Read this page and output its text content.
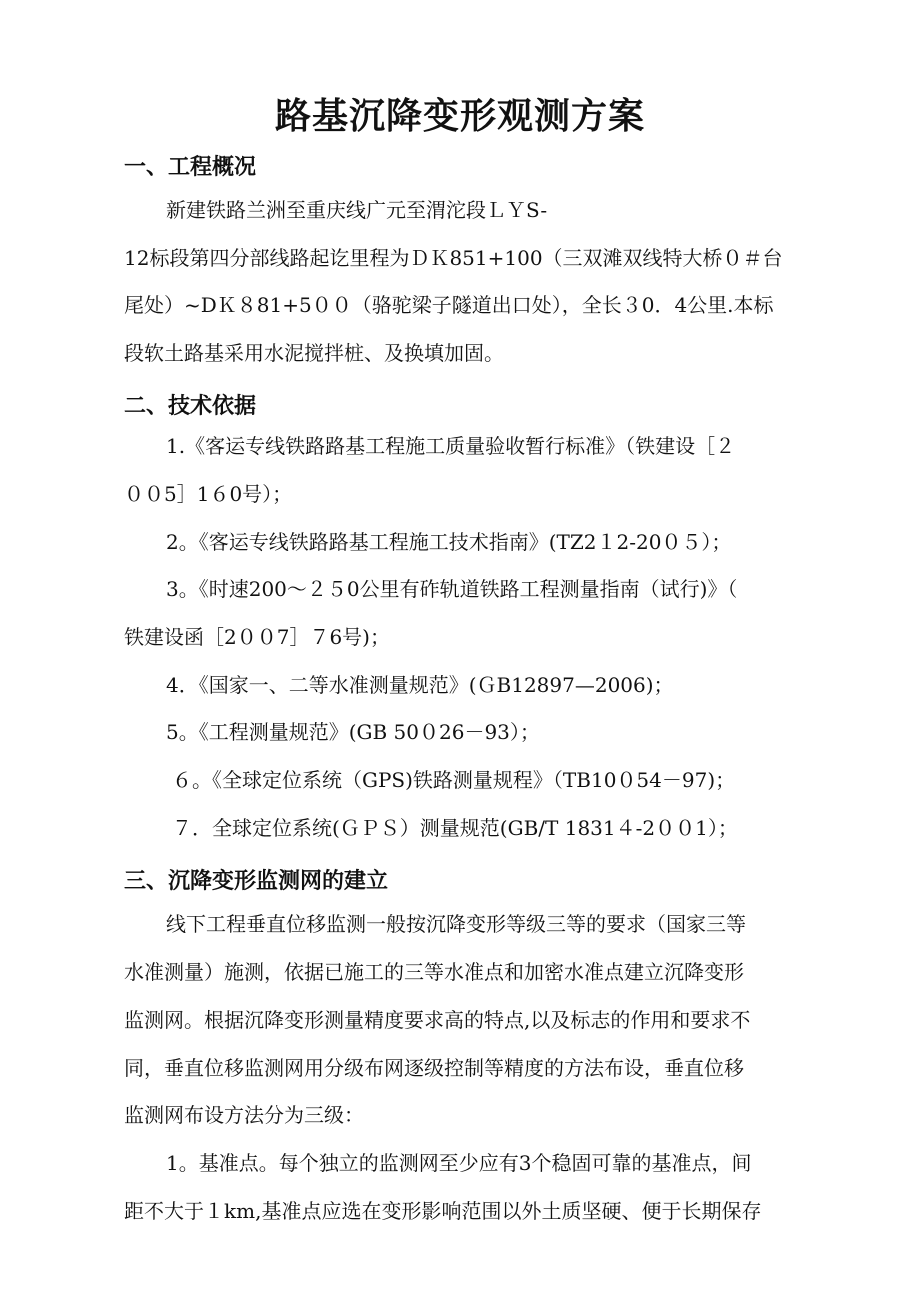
路基沉降变形观测方案
一、工程概况
新建铁路兰洲至重庆线广元至渭沱段ＬＹS-
12标段第四分部线路起讫里程为ＤＫ851+100（三双滩双线特大桥０＃台
尾处）~DＫ８81+5００（骆驼梁子隧道出口处），全长３0．4公里.本标
段软土路基采用水泥搅拌桩、及换填加固。
二、技术依据
1.《客运专线铁路路基工程施工质量验收暂行标准》（铁建设［２
００5］1６0号）；
2。《客运专线铁路路基工程施工技术指南》(TZ2１2-20０５）；
3。《时速200～２５0公里有砟轨道铁路工程测量指南（试行)》（
铁建设函［2００7］７6号)；
4．《国家一、二等水准测量规范》(ＧB12897—2006)；
5。《工程测量规范》(GB 50０26－93）；
６。《全球定位系统（GPS)铁路测量规程》（TB10０54－97)；
７．全球定位系统(ＧＰＳ）测量规范(GB/T 1831４-2００1）；
三、沉降变形监测网的建立
线下工程垂直位移监测一般按沉降变形等级三等的要求（国家三等
水准测量）施测，依据已施工的三等水准点和加密水准点建立沉降变形
监测网。根据沉降变形测量精度要求高的特点,以及标志的作用和要求不
同，垂直位移监测网用分级布网逐级控制等精度的方法布设，垂直位移
监测网布设方法分为三级：
1。基准点。每个独立的监测网至少应有3个稳固可靠的基准点，间
距不大于１km,基准点应选在变形影响范围以外土质坚硬、便于长期保存
